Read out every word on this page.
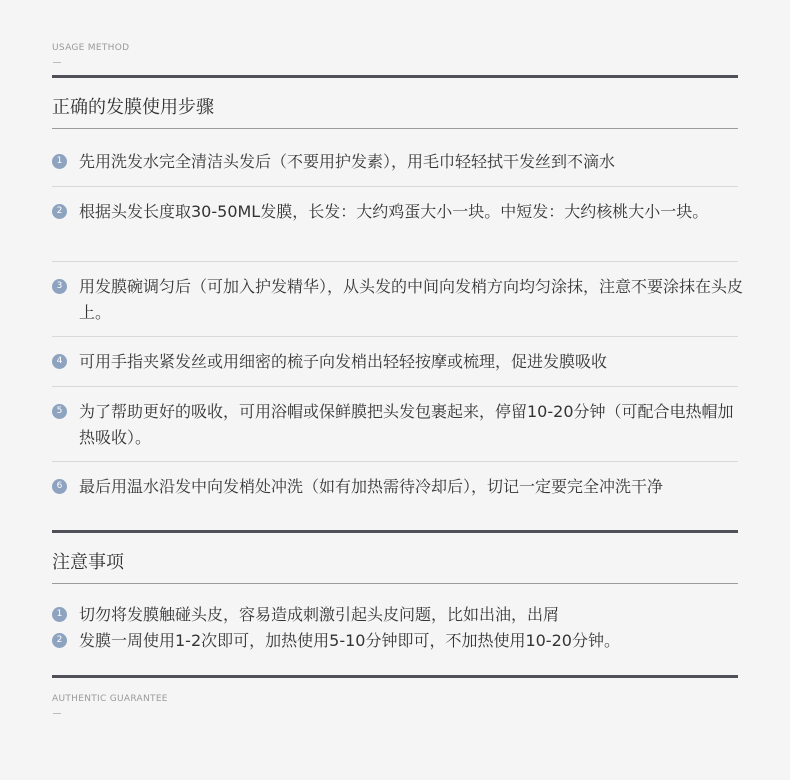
USAGE METHOD
正确的发膜使用步骤
1 先用洗发水完全清洁头发后（不要用护发素），用毛巾轻轻拭干发丝到不滴水
2 根据头发长度取30-50ML发膜，长发：大约鸡蛋大小一块。中短发：大约核桃大小一块。
3 用发膜碗调匀后（可加入护发精华），从头发的中间向发梢方向均匀涂抹，注意不要涂抹在头皮上。
4 可用手指夹紧发丝或用细密的梳子向发梢出轻轻按摩或梳理，促进发膜吸收
5 为了帮助更好的吸收，可用浴帽或保鲜膜把头发包裹起来，停留10-20分钟（可配合电热帽加热吸收）。
6 最后用温水沿发中向发梢处冲洗（如有加热需待冷却后），切记一定要完全冲洗干净
注意事项
1 切勿将发膜触碰头皮，容易造成刺激引起头皮问题，比如出油，出屑
2 发膜一周使用1-2次即可，加热使用5-10分钟即可，不加热使用10-20分钟。
AUTHENTIC GUARANTEE
